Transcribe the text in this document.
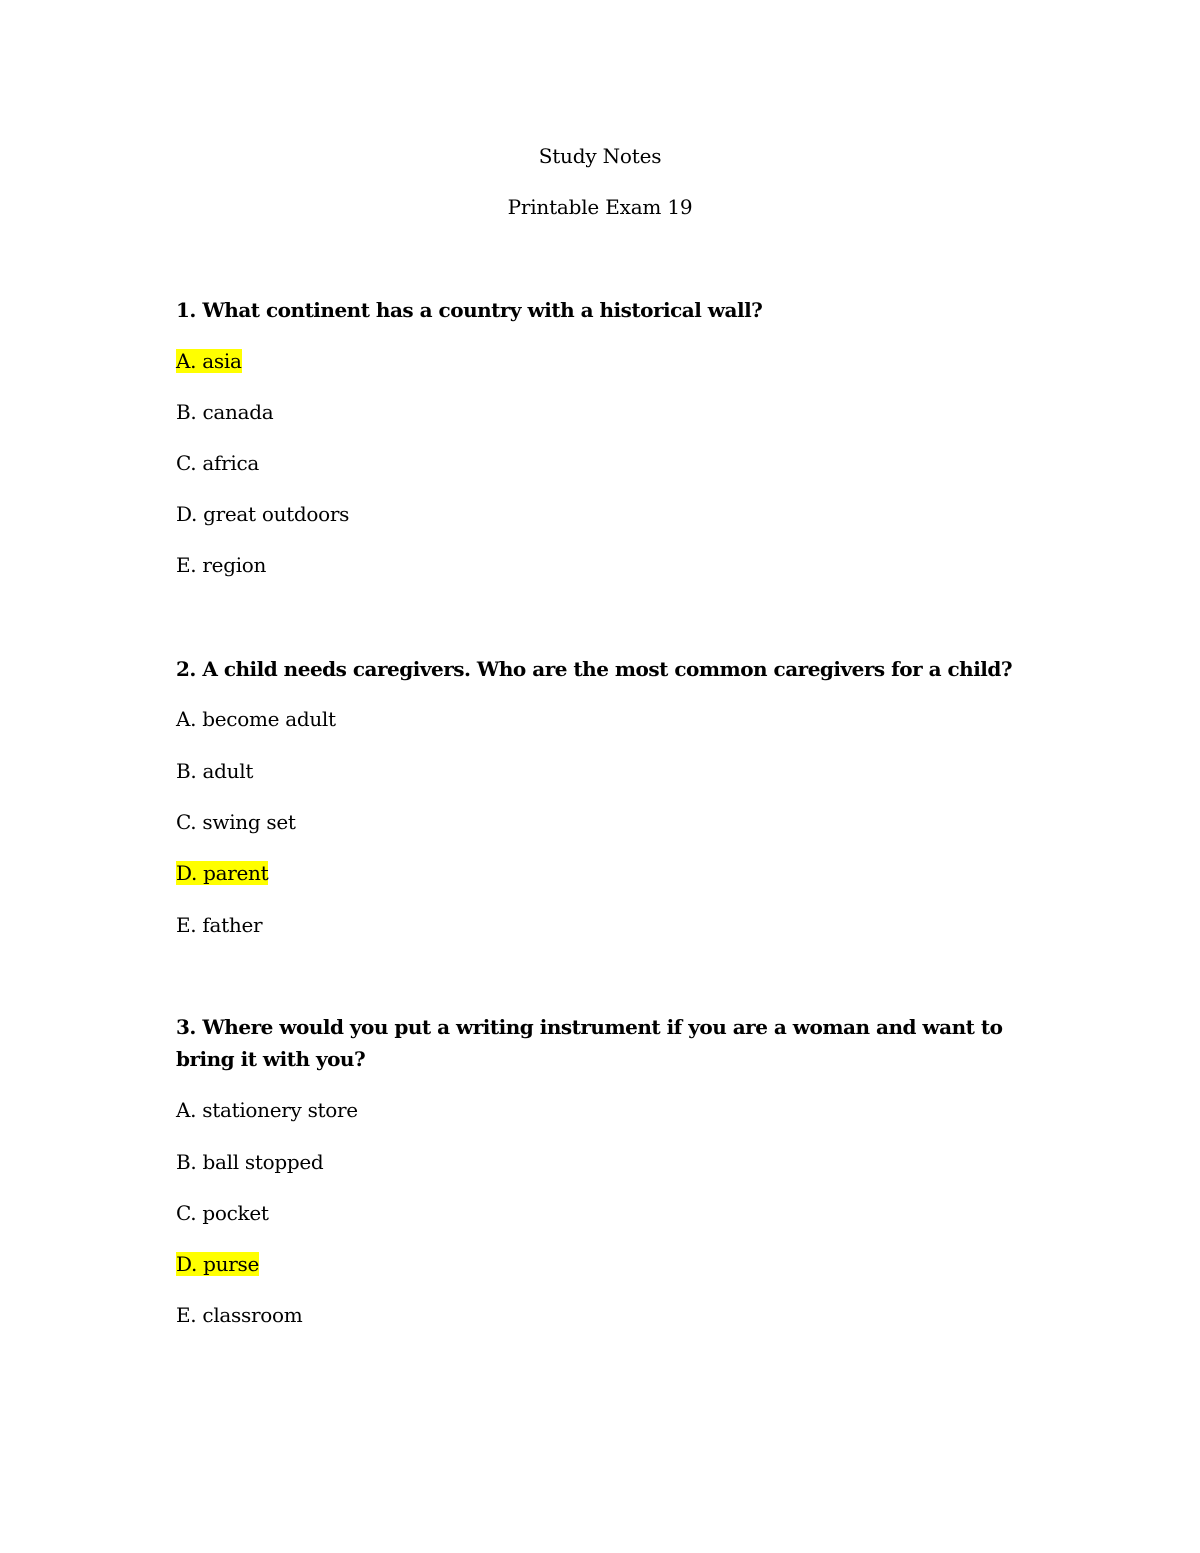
Study Notes
Printable Exam 19
1. What continent has a country with a historical wall?
A. asia
B. canada
C. africa
D. great outdoors
E. region
2. A child needs caregivers. Who are the most common caregivers for a child?
A. become adult
B. adult
C. swing set
D. parent
E. father
3. Where would you put a writing instrument if you are a woman and want to bring it with you?
A. stationery store
B. ball stopped
C. pocket
D. purse
E. classroom
